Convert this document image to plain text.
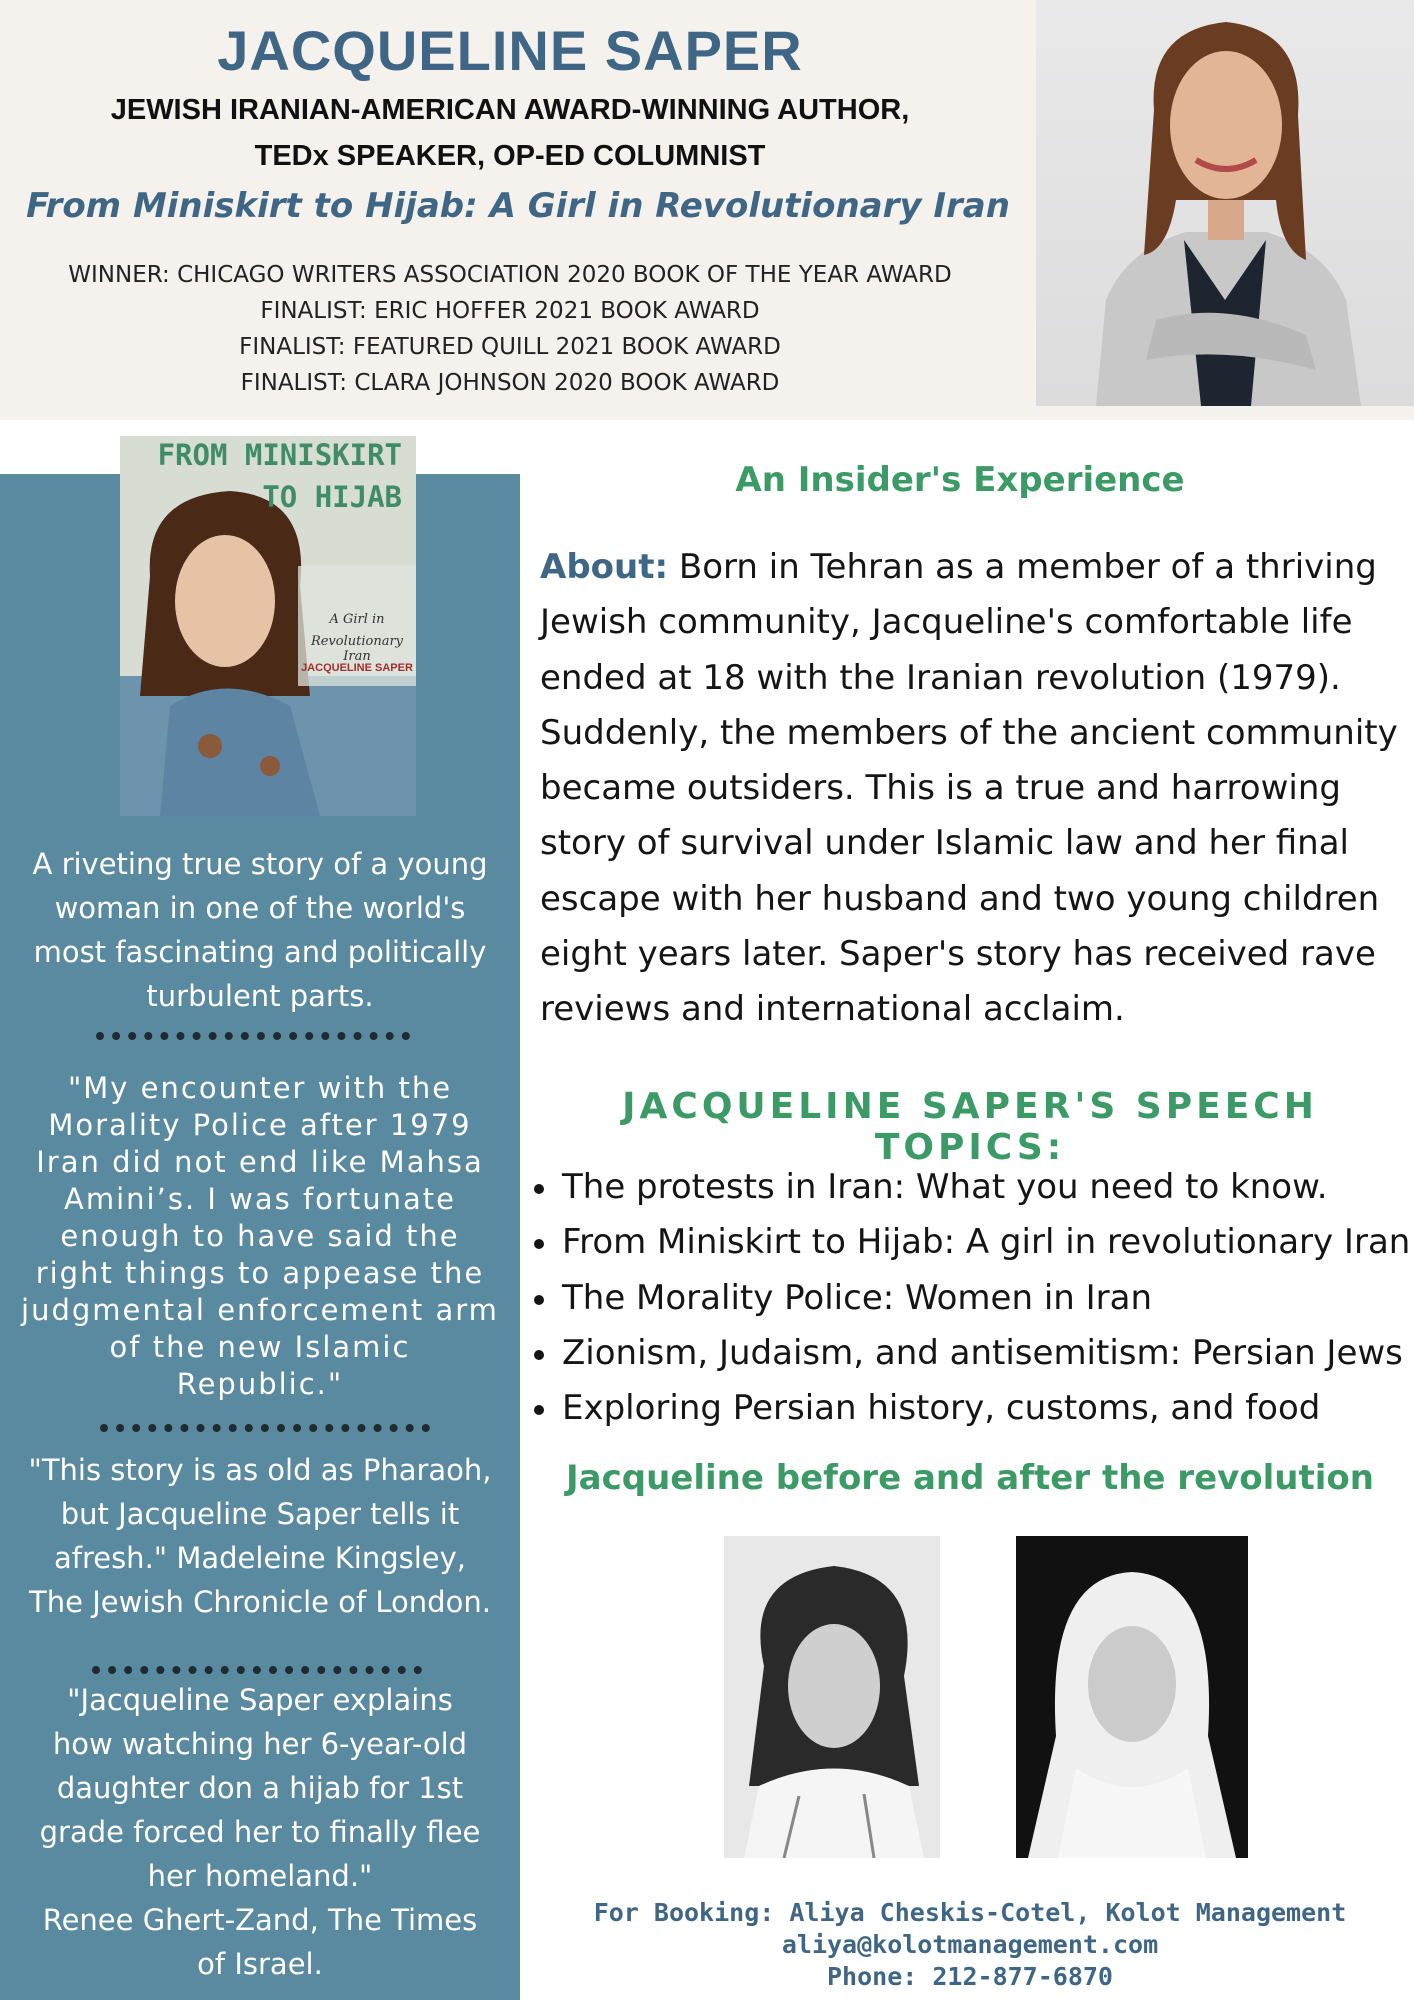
JACQUELINE SAPER
JEWISH IRANIAN-AMERICAN AWARD-WINNING AUTHOR,
TEDx SPEAKER, OP-ED COLUMNIST
From Miniskirt to Hijab: A Girl in Revolutionary Iran
WINNER: CHICAGO WRITERS ASSOCIATION 2020 BOOK OF THE YEAR AWARD
FINALIST: ERIC HOFFER 2021 BOOK AWARD
FINALIST: FEATURED QUILL 2021 BOOK AWARD
FINALIST: CLARA JOHNSON 2020 BOOK AWARD
FROM MINISKIRT
TO HIJAB
A Girl in
Revolutionary Iran
JACQUELINE SAPER
A riveting true story of a young
woman in one of the world's
most fascinating and politically
turbulent parts.
"My encounter with the
Morality Police after 1979
Iran did not end like Mahsa
Amini’s. I was fortunate
enough to have said the
right things to appease the
judgmental enforcement arm
of the new Islamic
Republic."
"This story is as old as Pharaoh,
but Jacqueline Saper tells it
afresh." Madeleine Kingsley,
The Jewish Chronicle of London.
"Jacqueline Saper explains
how watching her 6-year-old
daughter don a hijab for 1st
grade forced her to finally flee
her homeland."
Renee Ghert-Zand, The Times
of Israel.
An Insider's Experience
About: Born in Tehran as a member of a thriving
Jewish community, Jacqueline's comfortable life
ended at 18 with the Iranian revolution (1979).
Suddenly, the members of the ancient community
became outsiders. This is a true and harrowing
story of survival under Islamic law and her final
escape with her husband and two young children
eight years later. Saper's story has received rave
reviews and international acclaim.
JACQUELINE SAPER'S SPEECH TOPICS:
The protests in Iran: What you need to know.
From Miniskirt to Hijab: A girl in revolutionary Iran
The Morality Police: Women in Iran
Zionism, Judaism, and antisemitism: Persian Jews
Exploring Persian history, customs, and food
Jacqueline before and after the revolution
For Booking: Aliya Cheskis-Cotel, Kolot Management
aliya@kolotmanagement.com
Phone: 212-877-6870
